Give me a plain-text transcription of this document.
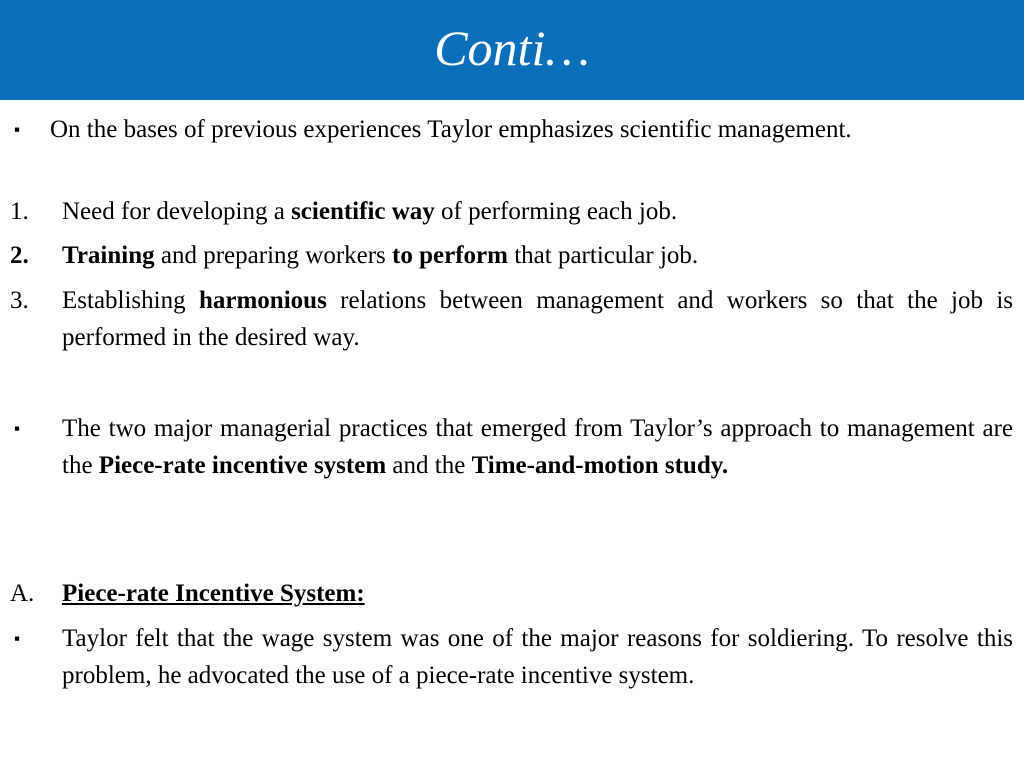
Conti…
▪ On the bases of previous experiences Taylor emphasizes scientific management.
1. Need for developing a scientific way of performing each job.
2. Training and preparing workers to perform that particular job.
3. Establishing harmonious relations between management and workers so that the job is performed in the desired way.
▪ The two major managerial practices that emerged from Taylor’s approach to management are the Piece-rate incentive system and the Time-and-motion study.
A. Piece-rate Incentive System:
▪ Taylor felt that the wage system was one of the major reasons for soldiering. To resolve this problem, he advocated the use of a piece-rate incentive system.
